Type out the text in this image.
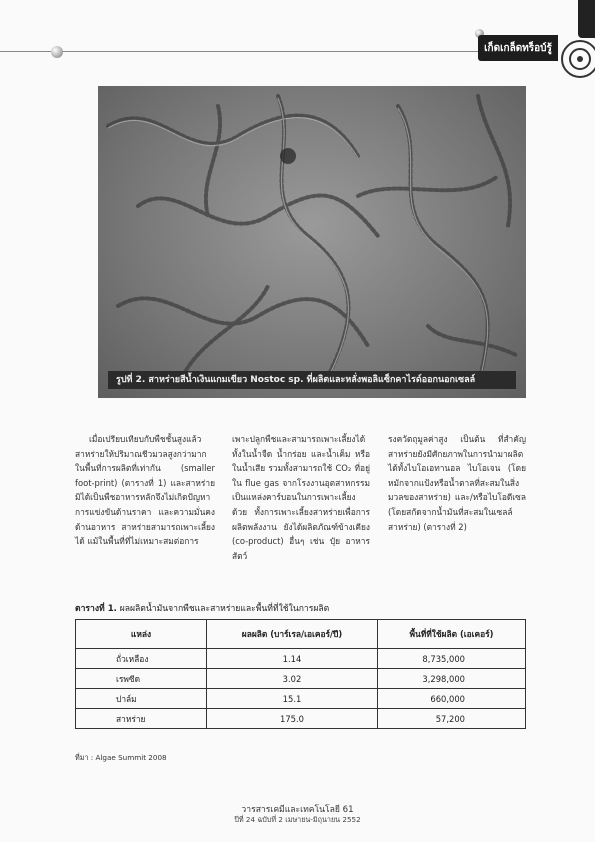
เก็ดเกล็ดทร็อบ์รู้
รูปที่ 2. สาหร่ายสีน้ำเงินแกมเขียว Nostoc sp. ที่ผลิตและหลั่งพอลิแซ็กคาไรด์ออกนอกเซลล์

เมื่อเปรียบเทียบกับพืชชั้นสูงแล้ว สาหร่ายให้ปริมาณชีวมวลสูงกว่ามากในพื้นที่การผลิตที่เท่ากัน (smaller foot-print) (ตารางที่ 1) และสาหร่ายมิได้เป็นพืชอาหารหลักจึงไม่เกิดปัญหาการแข่งขันด้านราคา และความมั่นคงด้านอาหาร สาหร่ายสามารถเพาะเลี้ยงได้ แม้ในพื้นที่ที่ไม่เหมาะสมต่อการ

เพาะปลูกพืชและสามารถเพาะเลี้ยงได้ทั้งในน้ำจืด น้ำกร่อย และน้ำเค็ม หรือในน้ำเสีย รวมทั้งสามารถใช้ CO₂ ที่อยู่ใน flue gas จากโรงงานอุตสาหกรรมเป็นแหล่งคาร์บอนในการเพาะเลี้ยงด้วย ทั้งการเพาะเลี้ยงสาหร่ายเพื่อการผลิตพลังงาน ยังได้ผลิตภัณฑ์ข้างเคียง (co-product) อื่นๆ เช่น ปุ๋ย อาหารสัตว์

รงควัตถุมูลค่าสูง เป็นต้น ที่สำคัญสาหร่ายยังมีศักยภาพในการนำมาผลิตได้ทั้งไบโอเอทานอล ไบโอเจน (โดยหมักจากแป้งหรือน้ำตาลที่สะสมในสิ่งมวลของสาหร่าย) และ/หรือไบโอดีเซล (โดยสกัดจากน้ำมันที่สะสมในเซลล์สาหร่าย) (ตารางที่ 2)

ตารางที่ 1. ผลผลิตน้ำมันจากพืชและสาหร่ายและพื้นที่ที่ใช้ในการผลิต
แหล่ง	ผลผลิต (บาร์เรล/เอเคอร์/ปี)	พื้นที่ที่ใช้ผลิต (เอเคอร์)
ถั่วเหลือง	1.14	8,735,000
เรพซีด	3.02	3,298,000
ปาล์ม	15.1	660,000
สาหร่าย	175.0	57,200
ที่มา : Algae Summit 2008
วารสารเคมีและเทคโนโลยี 61
ปีที่ 24 ฉบับที่ 2 เมษายน-มิถุนายน 2552
